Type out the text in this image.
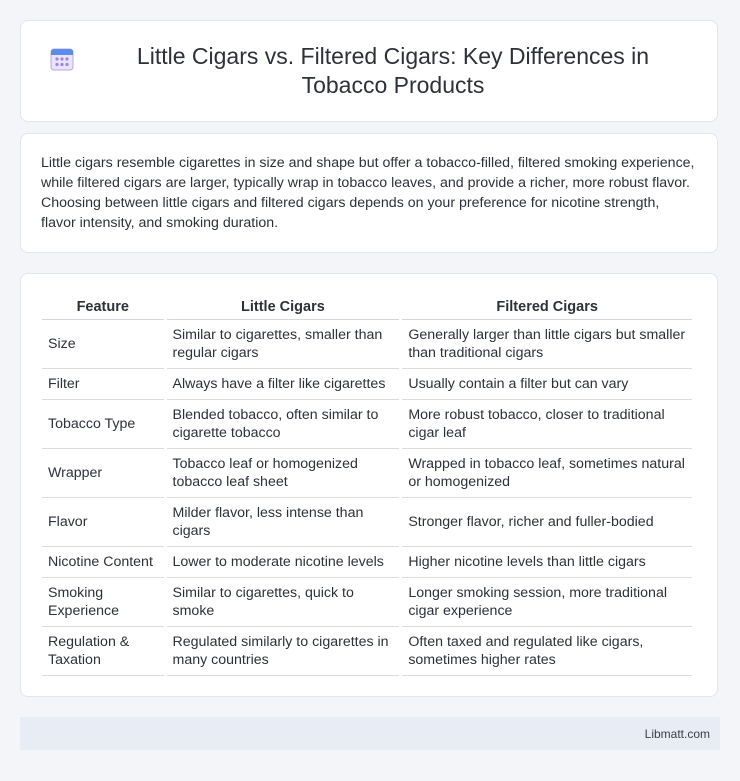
Little Cigars vs. Filtered Cigars: Key Differences in Tobacco Products

Little cigars resemble cigarettes in size and shape but offer a tobacco-filled, filtered smoking experience, while filtered cigars are larger, typically wrap in tobacco leaves, and provide a richer, more robust flavor. Choosing between little cigars and filtered cigars depends on your preference for nicotine strength, flavor intensity, and smoking duration.

Feature	Little Cigars	Filtered Cigars
Size	Similar to cigarettes, smaller than regular cigars	Generally larger than little cigars but smaller than traditional cigars
Filter	Always have a filter like cigarettes	Usually contain a filter but can vary
Tobacco Type	Blended tobacco, often similar to cigarette tobacco	More robust tobacco, closer to traditional cigar leaf
Wrapper	Tobacco leaf or homogenized tobacco leaf sheet	Wrapped in tobacco leaf, sometimes natural or homogenized
Flavor	Milder flavor, less intense than cigars	Stronger flavor, richer and fuller-bodied
Nicotine Content	Lower to moderate nicotine levels	Higher nicotine levels than little cigars
Smoking Experience	Similar to cigarettes, quick to smoke	Longer smoking session, more traditional cigar experience
Regulation & Taxation	Regulated similarly to cigarettes in many countries	Often taxed and regulated like cigars, sometimes higher rates
Libmatt.com
